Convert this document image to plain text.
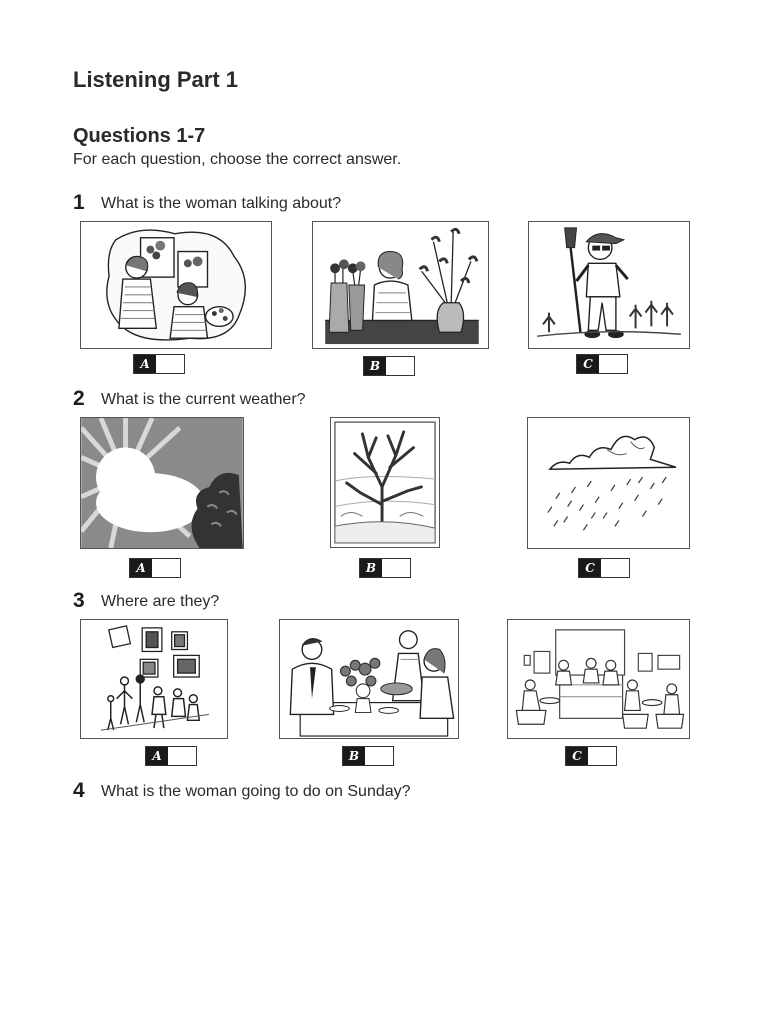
Listening Part 1
Questions 1-7
For each question, choose the correct answer.
1 What is the woman talking about?
A	B	C
2 What is the current weather?
A	B	C
3 Where are they?
A	B	C
4 What is the woman going to do on Sunday?
